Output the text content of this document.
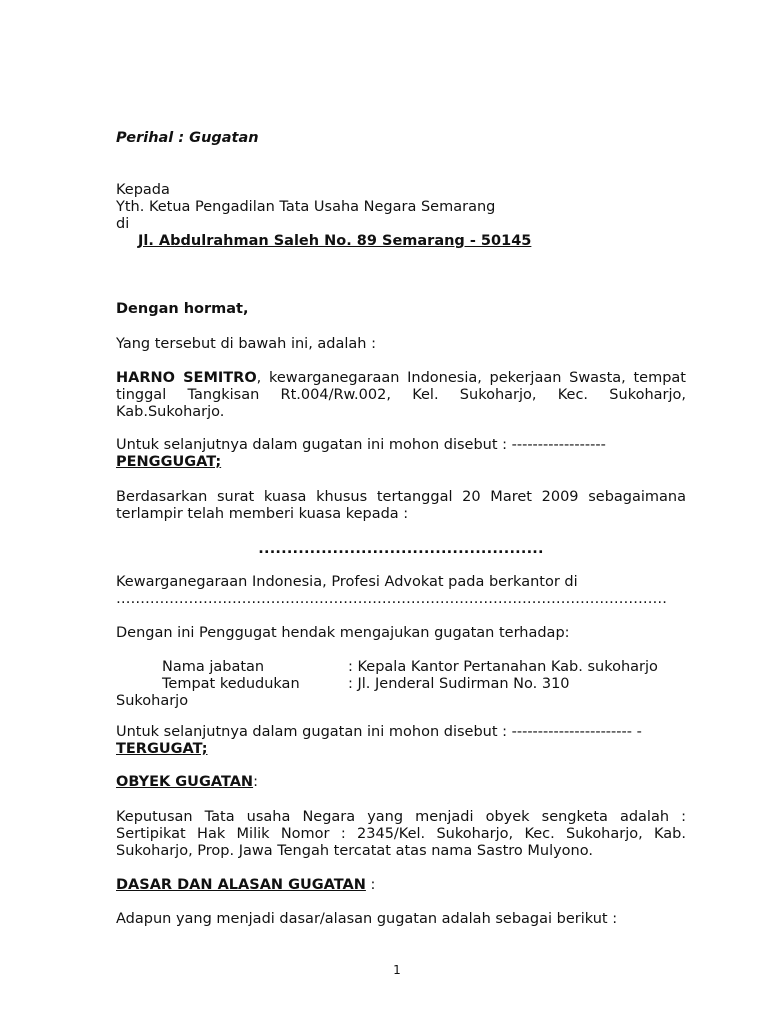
Perihal : Gugatan
Kepada
Yth. Ketua Pengadilan Tata Usaha Negara Semarang
di
Jl. Abdulrahman Saleh No. 89 Semarang - 50145
Dengan hormat,
Yang tersebut di bawah ini, adalah :
HARNO SEMITRO, kewarganegaraan Indonesia, pekerjaan Swasta, tempat tinggal Tangkisan Rt.004/Rw.002, Kel. Sukoharjo, Kec. Sukoharjo, Kab.Sukoharjo.
Untuk selanjutnya dalam gugatan ini mohon disebut : ------------------
PENGGUGAT;
Berdasarkan surat kuasa khusus tertanggal 20 Maret 2009 sebagaimana terlampir telah memberi kuasa kepada :
..................................................
Kewarganegaraan Indonesia, Profesi Advokat pada berkantor di
……………………………………………………………………………………………………
Dengan ini Penggugat hendak mengajukan gugatan terhadap:
Nama jabatan	: Kepala Kantor Pertanahan Kab. sukoharjo
Tempat kedudukan	: Jl. Jenderal Sudirman No. 310
Sukoharjo
Untuk selanjutnya dalam gugatan ini mohon disebut : ----------------------- -
TERGUGAT;
OBYEK GUGATAN:
Keputusan Tata usaha Negara yang menjadi obyek sengketa adalah : Sertipikat Hak Milik Nomor : 2345/Kel. Sukoharjo, Kec. Sukoharjo, Kab. Sukoharjo, Prop. Jawa Tengah tercatat atas nama Sastro Mulyono.
DASAR DAN ALASAN GUGATAN :
Adapun yang menjadi dasar/alasan gugatan adalah sebagai berikut :
1
